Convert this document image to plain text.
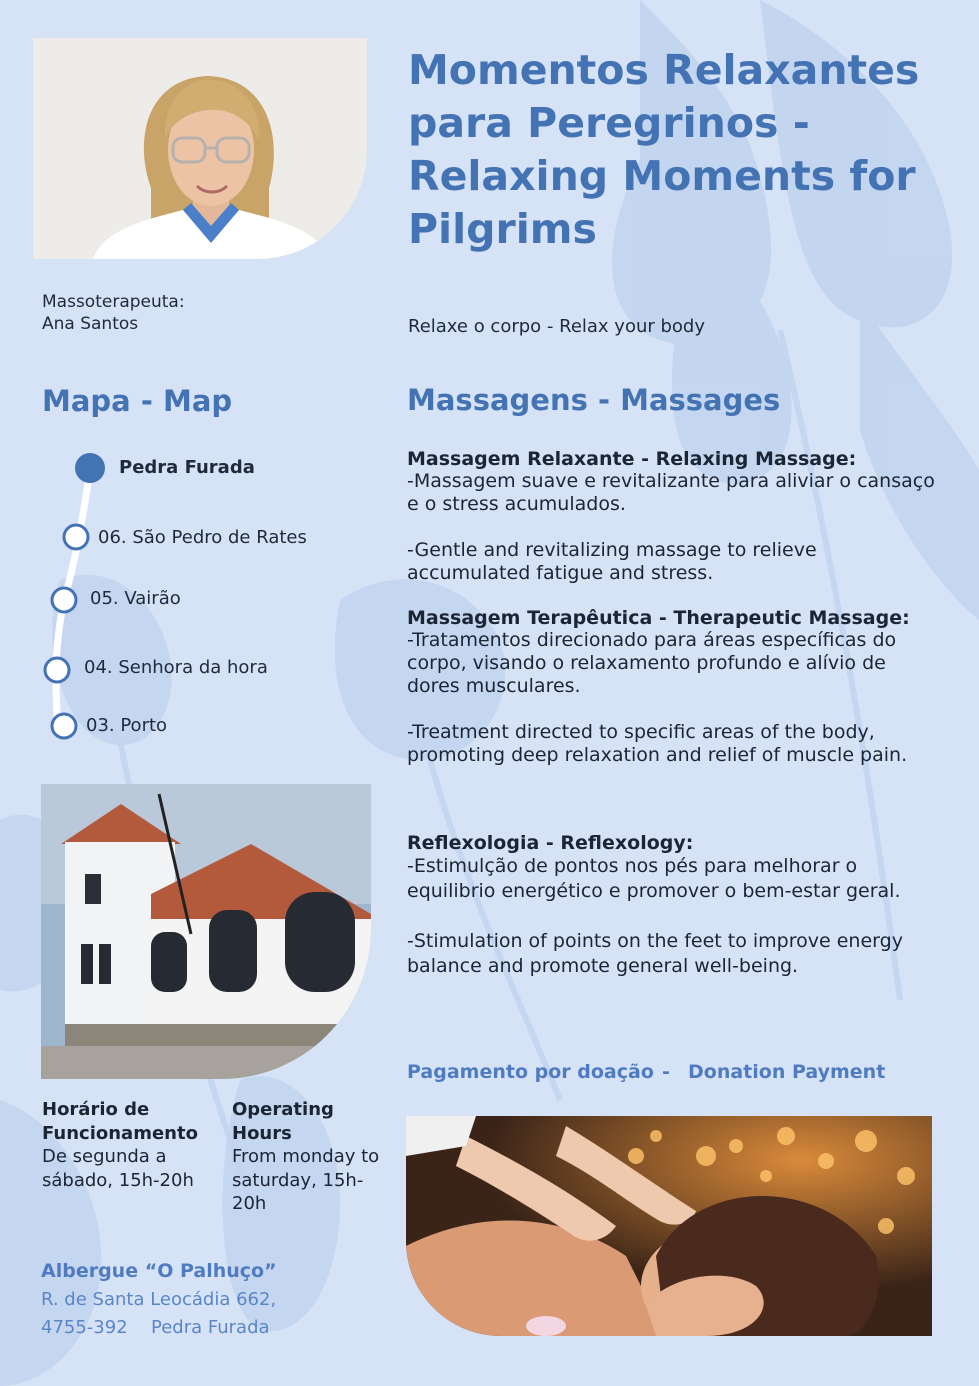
Momentos Relaxantes para Peregrinos - Relaxing Moments for Pilgrims
Massoterapeuta:
Ana Santos	Relaxe o corpo - Relax your body
Mapa - Map
Pedra Furada
06. São Pedro de Rates
05. Vairão
04. Senhora da hora
03. Porto
Massagens - Massages
Massagem Relaxante - Relaxing Massage:
-Massagem suave e revitalizante para aliviar o cansaço e o stress acumulados.
-Gentle and revitalizing massage to relieve accumulated fatigue and stress.
Massagem Terapêutica - Therapeutic Massage:
-Tratamentos direcionado para áreas específicas do corpo, visando o relaxamento profundo e alívio de dores musculares.
-Treatment directed to specific areas of the body, promoting deep relaxation and relief of muscle pain.
Reflexologia - Reflexology:
-Estimulção de pontos nos pés para melhorar o equilibrio energético e promover o bem-estar geral.
-Stimulation of points on the feet to improve energy balance and promote general well-being.
Horário de Funcionamento
De segunda a sábado, 15h-20h
Operating Hours
From monday to saturday, 15h-20h
Pagamento por doação - Donation Payment
Albergue “O Palhuço”
R. de Santa Leocádia 662,
4755-392 Pedra Furada
